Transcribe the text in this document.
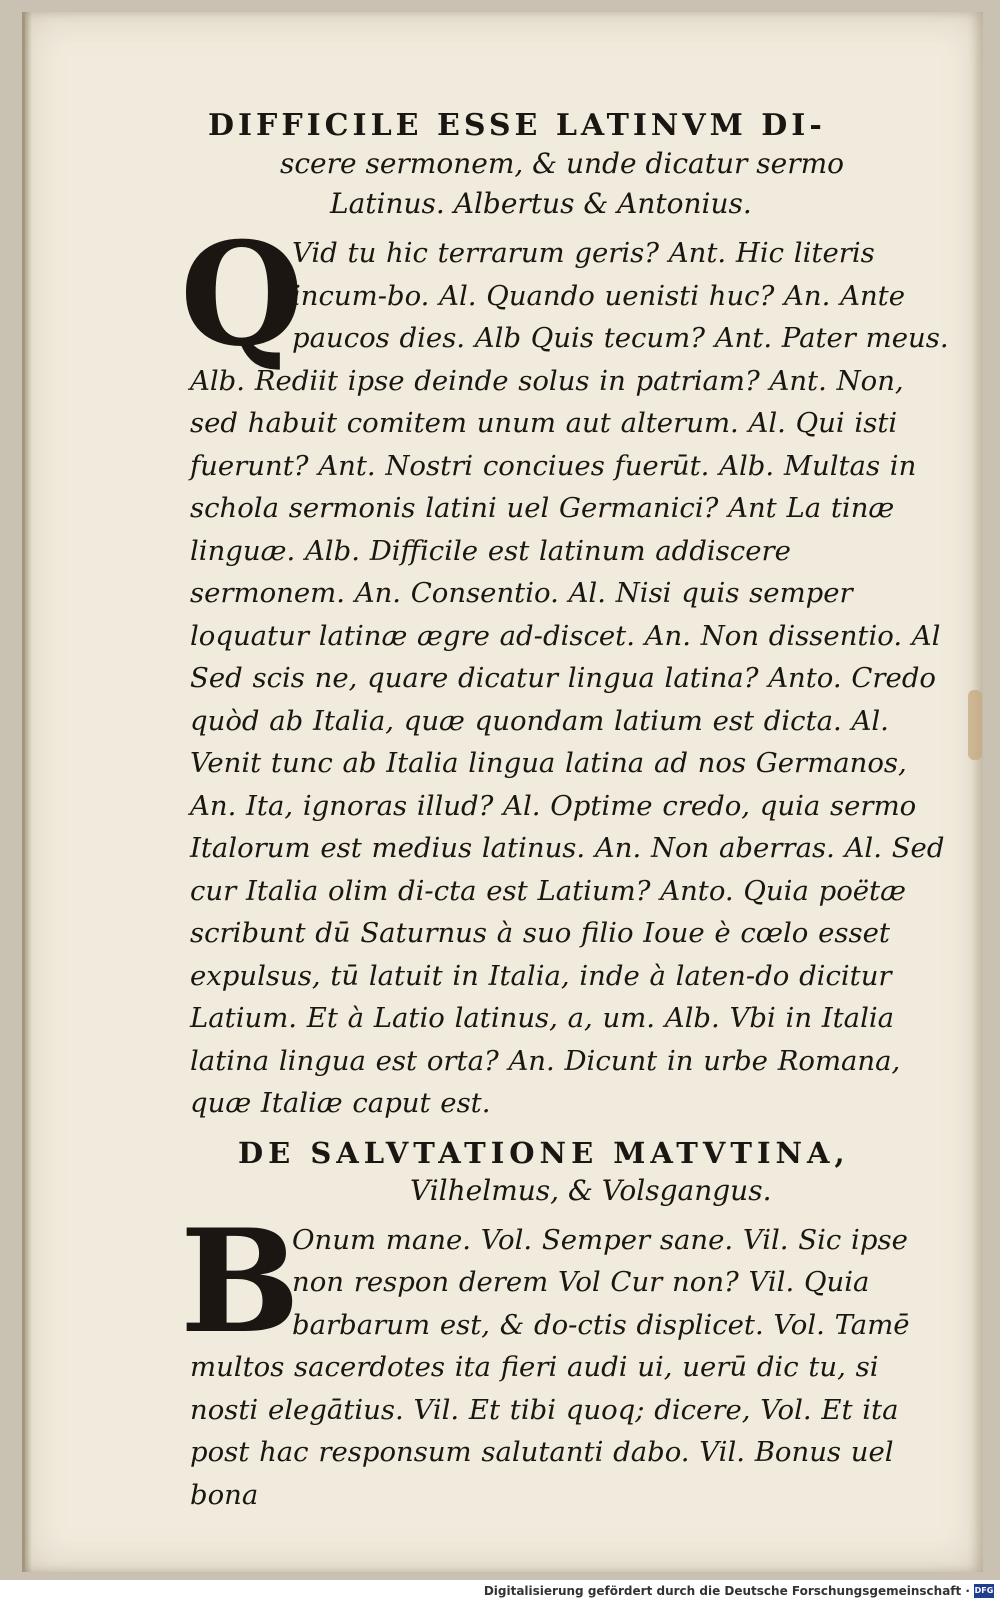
DIFFICILE ESSE LATINVM DI-
scere sermonem, & unde dicatur sermo
Latinus. Albertus & Antonius.
Q
Vid tu hic terrarum geris? Ant. Hic literis incum-bo. Al. Quando uenisti huc? An. Ante paucos dies. Alb Quis tecum? Ant. Pater meus. Alb. Rediit ipse deinde solus in patriam? Ant. Non, sed habuit comitem unum aut alterum. Al. Qui isti fuerunt? Ant. Nostri conciues fuerūt. Alb. Multas in schola sermonis latini uel Germanici? Ant La tinæ linguæ. Alb. Difficile est latinum addiscere sermonem. An. Consentio. Al. Nisi quis semper loquatur latinæ ægre ad-discet. An. Non dissentio. Al Sed scis ne, quare dicatur lingua latina? Anto. Credo quòd ab Italia, quæ quondam latium est dicta. Al. Venit tunc ab Italia lingua latina ad nos Germanos, An. Ita, ignoras illud? Al. Optime credo, quia sermo Italorum est medius latinus. An. Non aberras. Al. Sed cur Italia olim di-cta est Latium? Anto. Quia poëtæ scribunt dū Saturnus à suo filio Ioue è cœlo esset expulsus, tū latuit in Italia, inde à laten-do dicitur Latium. Et à Latio latinus, a, um. Alb. Vbi in Italia latina lingua est orta? An. Dicunt in urbe Romana, quæ Italiæ caput est.
DE SALVTATIONE MATVTINA,
Vilhelmus, & Volsgangus.
B
Onum mane. Vol. Semper sane. Vil. Sic ipse non respon derem Vol Cur non? Vil. Quia barbarum est, & do-ctis displicet. Vol. Tamē multos sacerdotes ita fieri audi ui, uerū dic tu, si nosti elegātius. Vil. Et tibi quoq; dicere, Vol. Et ita post hac responsum salutanti dabo. Vil. Bonus uel bona
Digitalisierung gefördert durch die Deutsche Forschungsgemeinschaft · DFG
